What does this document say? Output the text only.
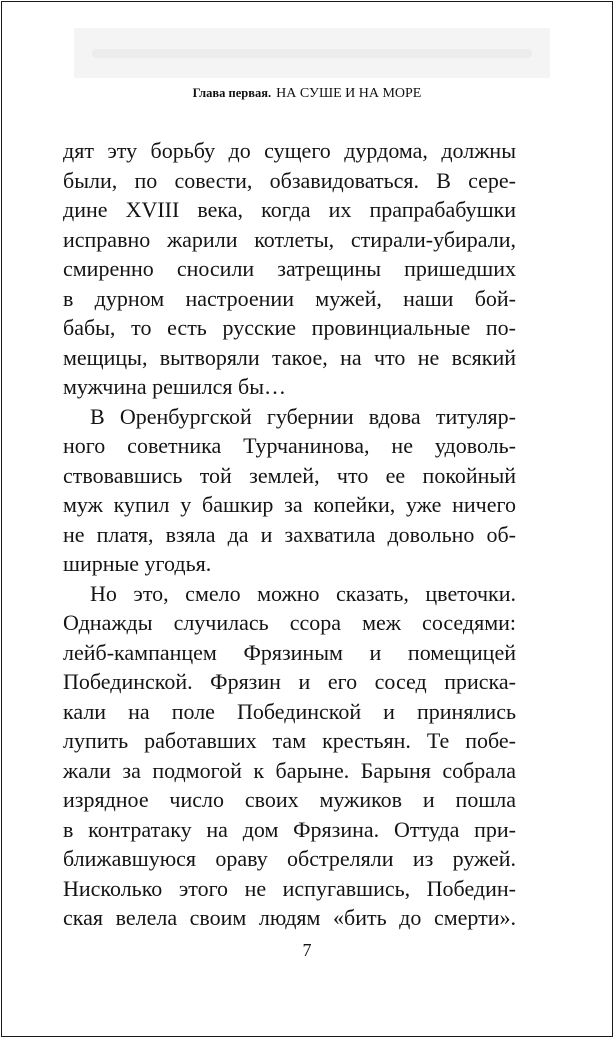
Глава первая. НА СУШЕ И НА МОРЕ
дят эту борьбу до сущего дурдома, должны
были, по совести, обзавидоваться. В сере-
дине XVIII века, когда их прапрабабушки
исправно жарили котлеты, стирали-убирали,
смиренно сносили затрещины пришедших
в дурном настроении мужей, наши бой-
бабы, то есть русские провинциальные по-
мещицы, вытворяли такое, на что не всякий
мужчина решился бы…
В Оренбургской губернии вдова титуляр-
ного советника Турчанинова, не удоволь-
ствовавшись той землей, что ее покойный
муж купил у башкир за копейки, уже ничего
не платя, взяла да и захватила довольно об-
ширные угодья.
Но это, смело можно сказать, цветочки.
Однажды случилась ссора меж соседями:
лейб-кампанцем Фрязиным и помещицей
Побединской. Фрязин и его сосед приска-
кали на поле Побединской и принялись
лупить работавших там крестьян. Те побе-
жали за подмогой к барыне. Барыня собрала
изрядное число своих мужиков и пошла
в контратаку на дом Фрязина. Оттуда при-
ближавшуюся ораву обстреляли из ружей.
Нисколько этого не испугавшись, Победин-
ская велела своим людям «бить до смерти».
7
